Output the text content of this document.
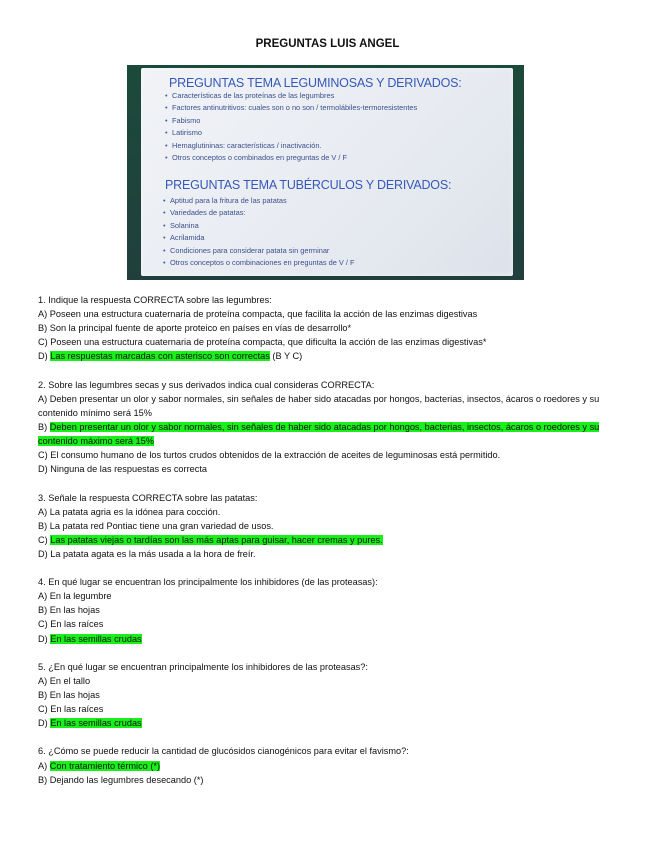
PREGUNTAS LUIS ANGEL
PREGUNTAS TEMA LEGUMINOSAS Y DERIVADOS:
• Características de las proteínas de las legumbres
• Factores antinutritivos: cuales son o no son / termolábiles-termoresistentes
• Fabismo
• Latirismo
• Hemaglutininas: características / inactivación.
• Otros conceptos o combinados en preguntas de V / F
PREGUNTAS TEMA TUBÉRCULOS Y DERIVADOS:
• Aptitud para la fritura de las patatas
• Variedades de patatas:
• Solanina
• Acrilamida
• Condiciones para considerar patata sin germinar
• Otros conceptos o combinaciones en preguntas de V / F
1. Indique la respuesta CORRECTA sobre las legumbres:
A) Poseen una estructura cuaternaria de proteína compacta, que facilita la acción de las enzimas digestivas
B) Son la principal fuente de aporte proteico en países en vías de desarrollo*
C) Poseen una estructura cuaternaria de proteína compacta, que dificulta la acción de las enzimas digestivas*
D) Las respuestas marcadas con asterisco son correctas (B Y C)
2. Sobre las legumbres secas y sus derivados indica cual consideras CORRECTA:
A) Deben presentar un olor y sabor normales, sin señales de haber sido atacadas por hongos, bacterias, insectos, ácaros o roedores y su contenido mínimo será 15%
B) Deben presentar un olor y sabor normales, sin señales de haber sido atacadas por hongos, bacterias, insectos, ácaros o roedores y su contenido máximo será 15%
C) El consumo humano de los turtos crudos obtenidos de la extracción de aceites de leguminosas está permitido.
D) Ninguna de las respuestas es correcta
3. Señale la respuesta CORRECTA sobre las patatas:
A) La patata agria es la idónea para cocción.
B) La patata red Pontiac tiene una gran variedad de usos.
C) Las patatas viejas o tardías son las más aptas para guisar, hacer cremas y pures.
D) La patata agata es la más usada a la hora de freír.
4. En qué lugar se encuentran los principalmente los inhibidores (de las proteasas):
A) En la legumbre
B) En las hojas
C) En las raíces
D) En las semillas crudas
5. ¿En qué lugar se encuentran principalmente los inhibidores de las proteasas?:
A) En el tallo
B) En las hojas
C) En las raíces
D) En las semillas crudas
6. ¿Cómo se puede reducir la cantidad de glucósidos cianogénicos para evitar el favismo?:
A) Con tratamiento térmico (*)
B) Dejando las legumbres desecando (*)
